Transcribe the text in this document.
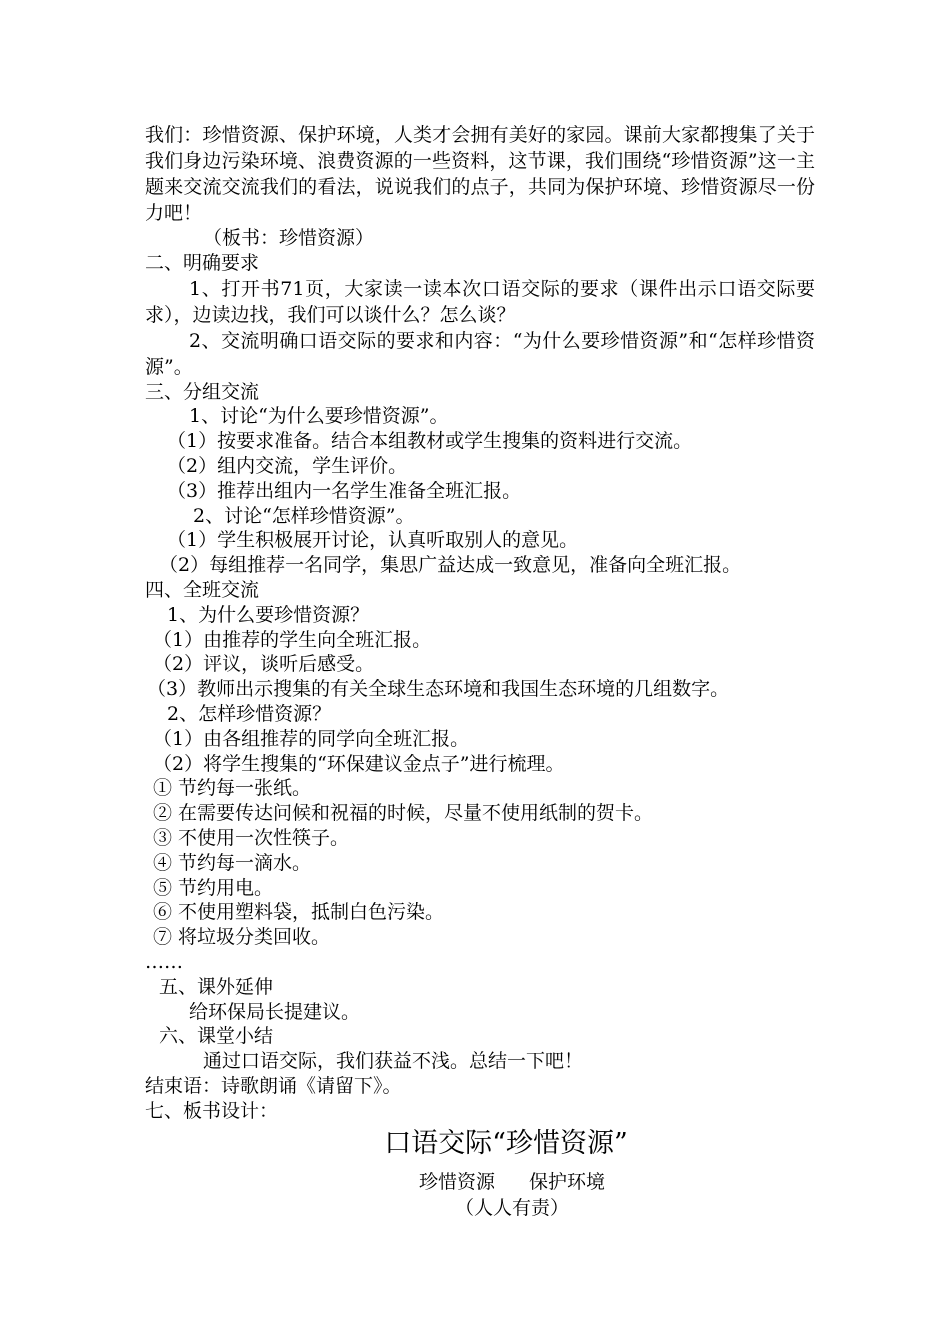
我们：珍惜资源、保护环境，人类才会拥有美好的家园。课前大家都搜集了关于我们身边污染环境、浪费资源的一些资料，这节课，我们围绕“珍惜资源”这一主题来交流交流我们的看法，说说我们的点子，共同为保护环境、珍惜资源尽一份力吧！
（板书：珍惜资源）
二、明确要求
1、打开书71页，大家读一读本次口语交际的要求（课件出示口语交际要求），边读边找，我们可以谈什么？怎么谈？
2、交流明确口语交际的要求和内容：“为什么要珍惜资源”和“怎样珍惜资源”。
三、分组交流
1、讨论“为什么要珍惜资源”。
（1）按要求准备。结合本组教材或学生搜集的资料进行交流。
（2）组内交流，学生评价。
（3）推荐出组内一名学生准备全班汇报。
2、讨论“怎样珍惜资源”。
（1）学生积极展开讨论，认真听取别人的意见。
（2）每组推荐一名同学，集思广益达成一致意见，准备向全班汇报。
四、全班交流
1、为什么要珍惜资源？
（1）由推荐的学生向全班汇报。
（2）评议，谈听后感受。
（3）教师出示搜集的有关全球生态环境和我国生态环境的几组数字。
2、怎样珍惜资源？
（1）由各组推荐的同学向全班汇报。
（2）将学生搜集的“环保建议金点子”进行梳理。
① 节约每一张纸。
② 在需要传达问候和祝福的时候，尽量不使用纸制的贺卡。
③ 不使用一次性筷子。
④ 节约每一滴水。
⑤ 节约用电。
⑥ 不使用塑料袋，抵制白色污染。
⑦ 将垃圾分类回收。
……
五、课外延伸
给环保局长提建议。
六、课堂小结
通过口语交际，我们获益不浅。总结一下吧！
结束语：诗歌朗诵《请留下》。
七、板书设计：
口语交际“珍惜资源”
珍惜资源 保护环境
（人人有责）
